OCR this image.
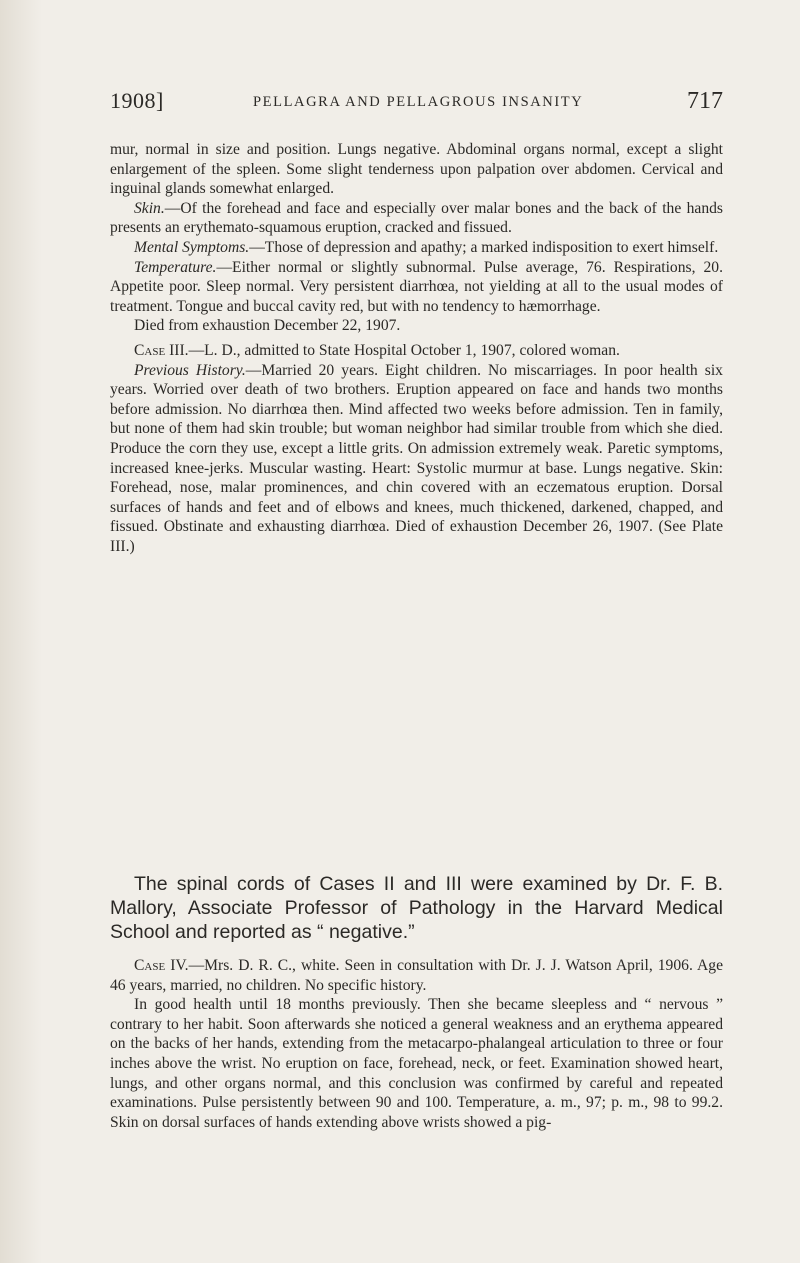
1908]	PELLAGRA AND PELLAGROUS INSANITY	717

mur, normal in size and position. Lungs negative. Abdominal organs normal, except a slight enlargement of the spleen. Some slight tenderness upon palpation over abdomen. Cervical and inguinal glands somewhat enlarged.

Skin.—Of the forehead and face and especially over malar bones and the back of the hands presents an erythemato-squamous eruption, cracked and fissued.

Mental Symptoms.—Those of depression and apathy; a marked indisposition to exert himself.

Temperature.—Either normal or slightly subnormal. Pulse average, 76. Respirations, 20. Appetite poor. Sleep normal. Very persistent diarrhœa, not yielding at all to the usual modes of treatment. Tongue and buccal cavity red, but with no tendency to hæmorrhage.

Died from exhaustion December 22, 1907.

Case III.—L. D., admitted to State Hospital October 1, 1907, colored woman.

Previous History.—Married 20 years. Eight children. No miscarriages. In poor health six years. Worried over death of two brothers. Eruption appeared on face and hands two months before admission. No diarrhœa then. Mind affected two weeks before admission. Ten in family, but none of them had skin trouble; but woman neighbor had similar trouble from which she died. Produce the corn they use, except a little grits. On admission extremely weak. Paretic symptoms, increased knee-jerks. Muscular wasting. Heart: Systolic murmur at base. Lungs negative. Skin: Forehead, nose, malar prominences, and chin covered with an eczematous eruption. Dorsal surfaces of hands and feet and of elbows and knees, much thickened, darkened, chapped, and fissued. Obstinate and exhausting diarrhœa. Died of exhaustion December 26, 1907. (See Plate III.)

The spinal cords of Cases II and III were examined by Dr. F. B. Mallory, Associate Professor of Pathology in the Harvard Medical School and reported as “ negative.”

Case IV.—Mrs. D. R. C., white. Seen in consultation with Dr. J. J. Watson April, 1906. Age 46 years, married, no children. No specific history.

In good health until 18 months previously. Then she became sleepless and “ nervous ” contrary to her habit. Soon afterwards she noticed a general weakness and an erythema appeared on the backs of her hands, extending from the metacarpo-phalangeal articulation to three or four inches above the wrist. No eruption on face, forehead, neck, or feet. Examination showed heart, lungs, and other organs normal, and this conclusion was confirmed by careful and repeated examinations. Pulse persistently between 90 and 100. Temperature, a. m., 97; p. m., 98 to 99.2. Skin on dorsal surfaces of hands extending above wrists showed a pig-
